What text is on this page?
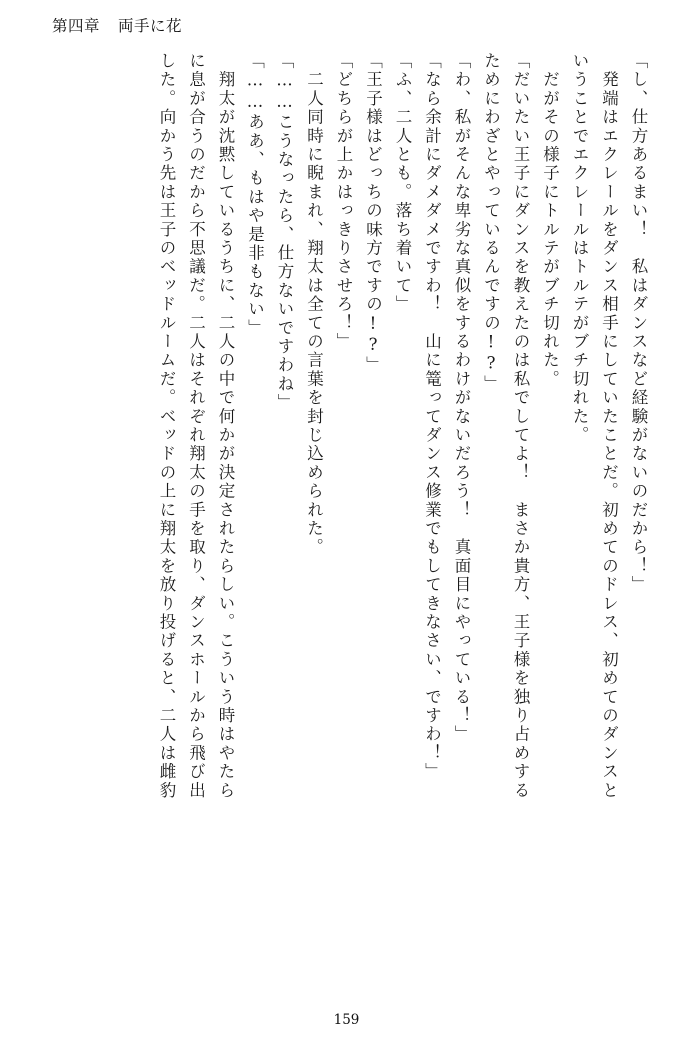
第四章 両手に花
「し、仕方あるまい！　私はダンスなど経験がないのだから！」
　発端はエクレールをダンス相手にしていたことだ。初めてのドレス、初めてのダンスと
いうことでエクレールはトルテがブチ切れた。
　だがその様子にトルテがブチ切れた。
「だいたい王子にダンスを教えたのは私でしてよ！　まさか貴方、王子様を独り占めする
ためにわざとやっているんですの!?」
「わ、私がそんな卑劣な真似をするわけがないだろう！　真面目にやっている！」
「なら余計にダメダメですわ！　山に篭ってダンス修業でもしてきなさい、ですわ！」
「ふ、二人とも。落ち着いて」
「王子様はどっちの味方ですの!?」
「どちらが上かはっきりさせろ！」
　二人同時に睨まれ、翔太は全ての言葉を封じ込められた。
「……こうなったら、仕方ないですわね」
「……ああ、もはや是非もない」
　翔太が沈黙しているうちに、二人の中で何かが決定されたらしい。こういう時はやたら
に息が合うのだから不思議だ。二人はそれぞれ翔太の手を取り、ダンスホールから飛び出
した。向かう先は王子のベッドルームだ。ベッドの上に翔太を放り投げると、二人は雌豹
159
